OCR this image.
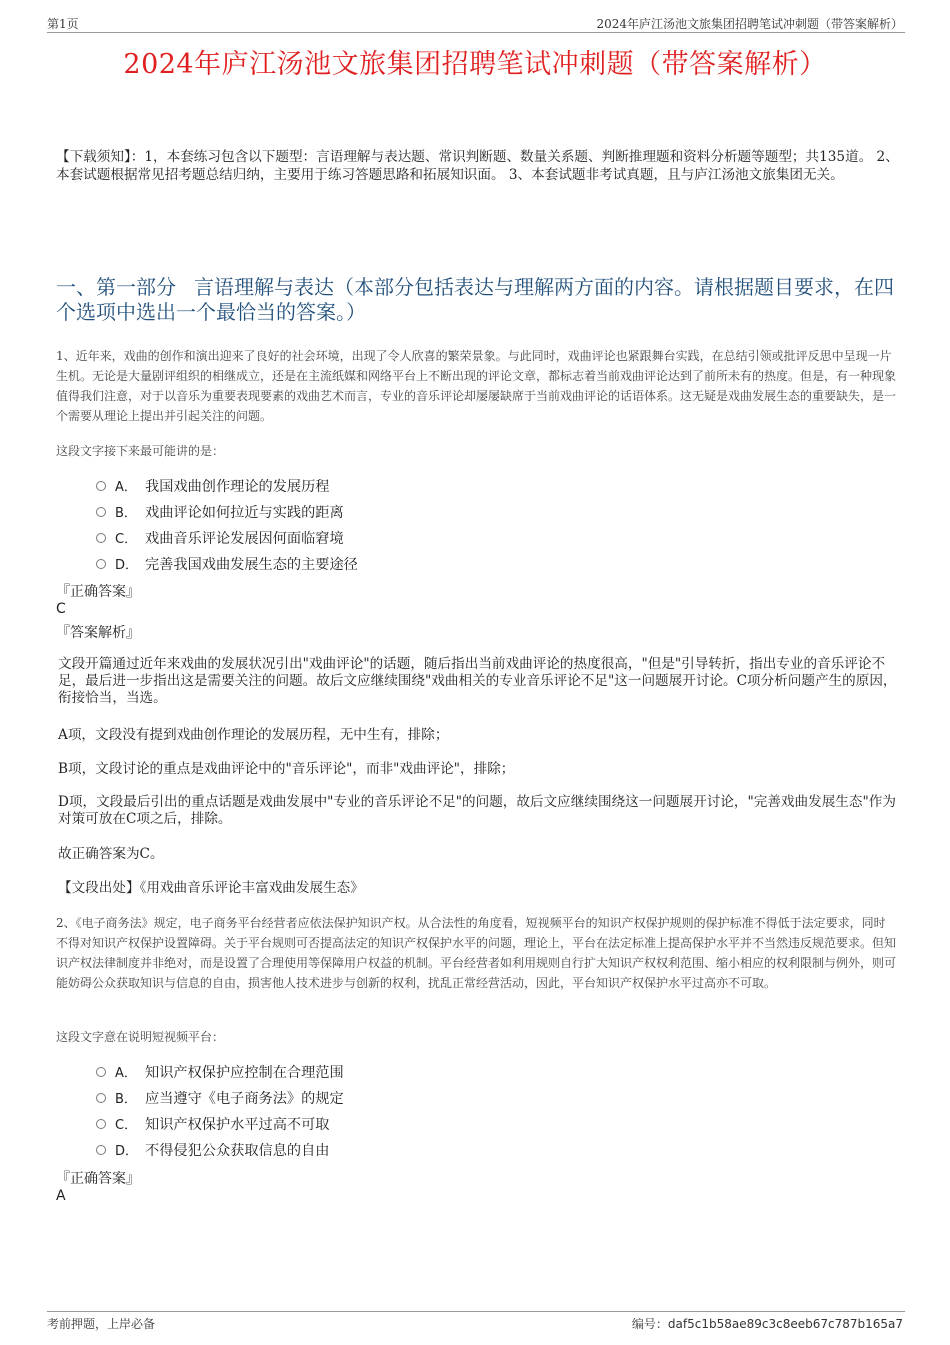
第1页	2024年庐江汤池文旅集团招聘笔试冲刺题（带答案解析）
2024年庐江汤池文旅集团招聘笔试冲刺题（带答案解析）
【下载须知】：1，本套练习包含以下题型：言语理解与表达题、常识判断题、数量关系题、判断推理题和资料分析题等题型；共135道。 2、本套试题根据常见招考题总结归纳，主要用于练习答题思路和拓展知识面。 3、本套试题非考试真题，且与庐江汤池文旅集团无关。
一、第一部分 言语理解与表达（本部分包括表达与理解两方面的内容。请根据题目要求，在四个选项中选出一个最恰当的答案。）
1、近年来，戏曲的创作和演出迎来了良好的社会环境，出现了令人欣喜的繁荣景象。与此同时，戏曲评论也紧跟舞台实践，在总结引领或批评反思中呈现一片生机。无论是大量剧评组织的相继成立，还是在主流纸媒和网络平台上不断出现的评论文章，都标志着当前戏曲评论达到了前所未有的热度。但是，有一种现象值得我们注意，对于以音乐为重要表现要素的戏曲艺术而言，专业的音乐评论却屡屡缺席于当前戏曲评论的话语体系。这无疑是戏曲发展生态的重要缺失，是一个需要从理论上提出并引起关注的问题。
这段文字接下来最可能讲的是：
A． 我国戏曲创作理论的发展历程
B． 戏曲评论如何拉近与实践的距离
C． 戏曲音乐评论发展因何面临窘境
D． 完善我国戏曲发展生态的主要途径
『正确答案』
C
『答案解析』
文段开篇通过近年来戏曲的发展状况引出"戏曲评论"的话题，随后指出当前戏曲评论的热度很高，"但是"引导转折，指出专业的音乐评论不足，最后进一步指出这是需要关注的问题。故后文应继续围绕"戏曲相关的专业音乐评论不足"这一问题展开讨论。C项分析问题产生的原因，衔接恰当，当选。
A项，文段没有提到戏曲创作理论的发展历程，无中生有，排除；
B项，文段讨论的重点是戏曲评论中的"音乐评论"，而非"戏曲评论"，排除；
D项，文段最后引出的重点话题是戏曲发展中"专业的音乐评论不足"的问题，故后文应继续围绕这一问题展开讨论，"完善戏曲发展生态"作为对策可放在C项之后，排除。
故正确答案为C。
【文段出处】《用戏曲音乐评论丰富戏曲发展生态》
2、《电子商务法》规定，电子商务平台经营者应依法保护知识产权。从合法性的角度看，短视频平台的知识产权保护规则的保护标准不得低于法定要求，同时不得对知识产权保护设置障碍。关于平台规则可否提高法定的知识产权保护水平的问题，理论上，平台在法定标准上提高保护水平并不当然违反规范要求。但知识产权法律制度并非绝对，而是设置了合理使用等保障用户权益的机制。平台经营者如利用规则自行扩大知识产权权利范围、缩小相应的权利限制与例外，则可能妨碍公众获取知识与信息的自由，损害他人技术进步与创新的权利，扰乱正常经营活动，因此，平台知识产权保护水平过高亦不可取。
这段文字意在说明短视频平台：
A． 知识产权保护应控制在合理范围
B． 应当遵守《电子商务法》的规定
C． 知识产权保护水平过高不可取
D． 不得侵犯公众获取信息的自由
『正确答案』
A
考前押题，上岸必备	编号：daf5c1b58ae89c3c8eeb67c787b165a7
